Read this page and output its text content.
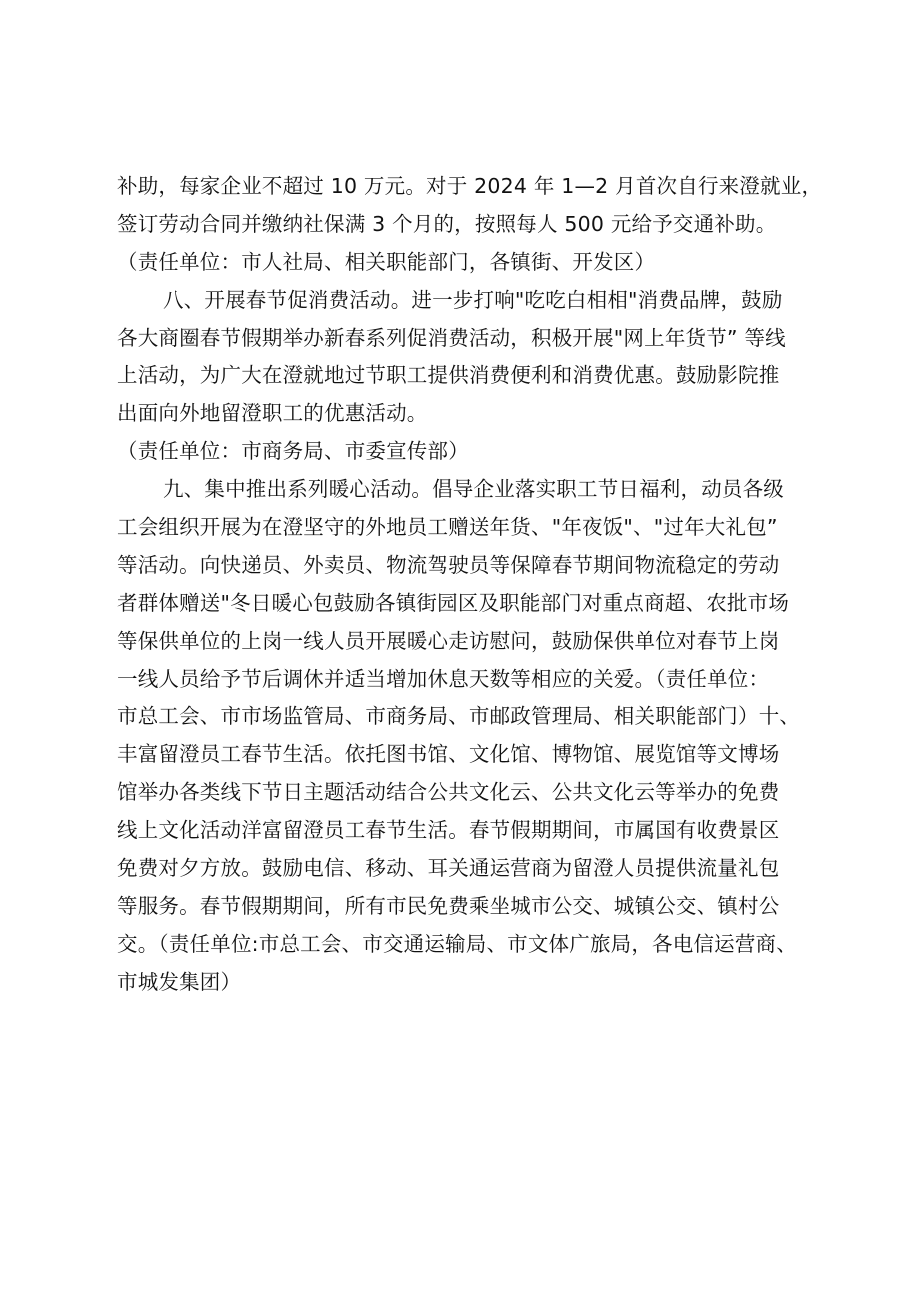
补助，每家企业不超过 10 万元。对于 2024 年 1—2 月首次自行来澄就业，
签订劳动合同并缴纳社保满 3 个月的，按照每人 500 元给予交通补助。
（责任单位：市人社局、相关职能部门，各镇街、开发区）
八、开展春节促消费活动。进一步打响"吃吃白相相"消费品牌，鼓励
各大商圈春节假期举办新春系列促消费活动，积极开展"网上年货节” 等线
上活动，为广大在澄就地过节职工提供消费便利和消费优惠。鼓励影院推
出面向外地留澄职工的优惠活动。
（责任单位：市商务局、市委宣传部）
九、集中推出系列暖心活动。倡导企业落实职工节日福利，动员各级
工会组织开展为在澄坚守的外地员工赠送年货、"年夜饭"、"过年大礼包”
等活动。向快递员、外卖员、物流驾驶员等保障春节期间物流稳定的劳动
者群体赠送"冬日暖心包鼓励各镇街园区及职能部门对重点商超、农批市场
等保供单位的上岗一线人员开展暖心走访慰问，鼓励保供单位对春节上岗
一线人员给予节后调休并适当增加休息天数等相应的关爱。（责任单位：
市总工会、市市场监管局、市商务局、市邮政管理局、相关职能部门）十、
丰富留澄员工春节生活。依托图书馆、文化馆、博物馆、展览馆等文博场
馆举办各类线下节日主题活动结合公共文化云、公共文化云等举办的免费
线上文化活动洋富留澄员工春节生活。春节假期期间，市属国有收费景区
免费对夕方放。鼓励电信、移动、耳关通运营商为留澄人员提供流量礼包
等服务。春节假期期间，所有市民免费乘坐城市公交、城镇公交、镇村公
交。（责任单位:市总工会、市交通运输局、市文体广旅局，各电信运营商、
市城发集团）
